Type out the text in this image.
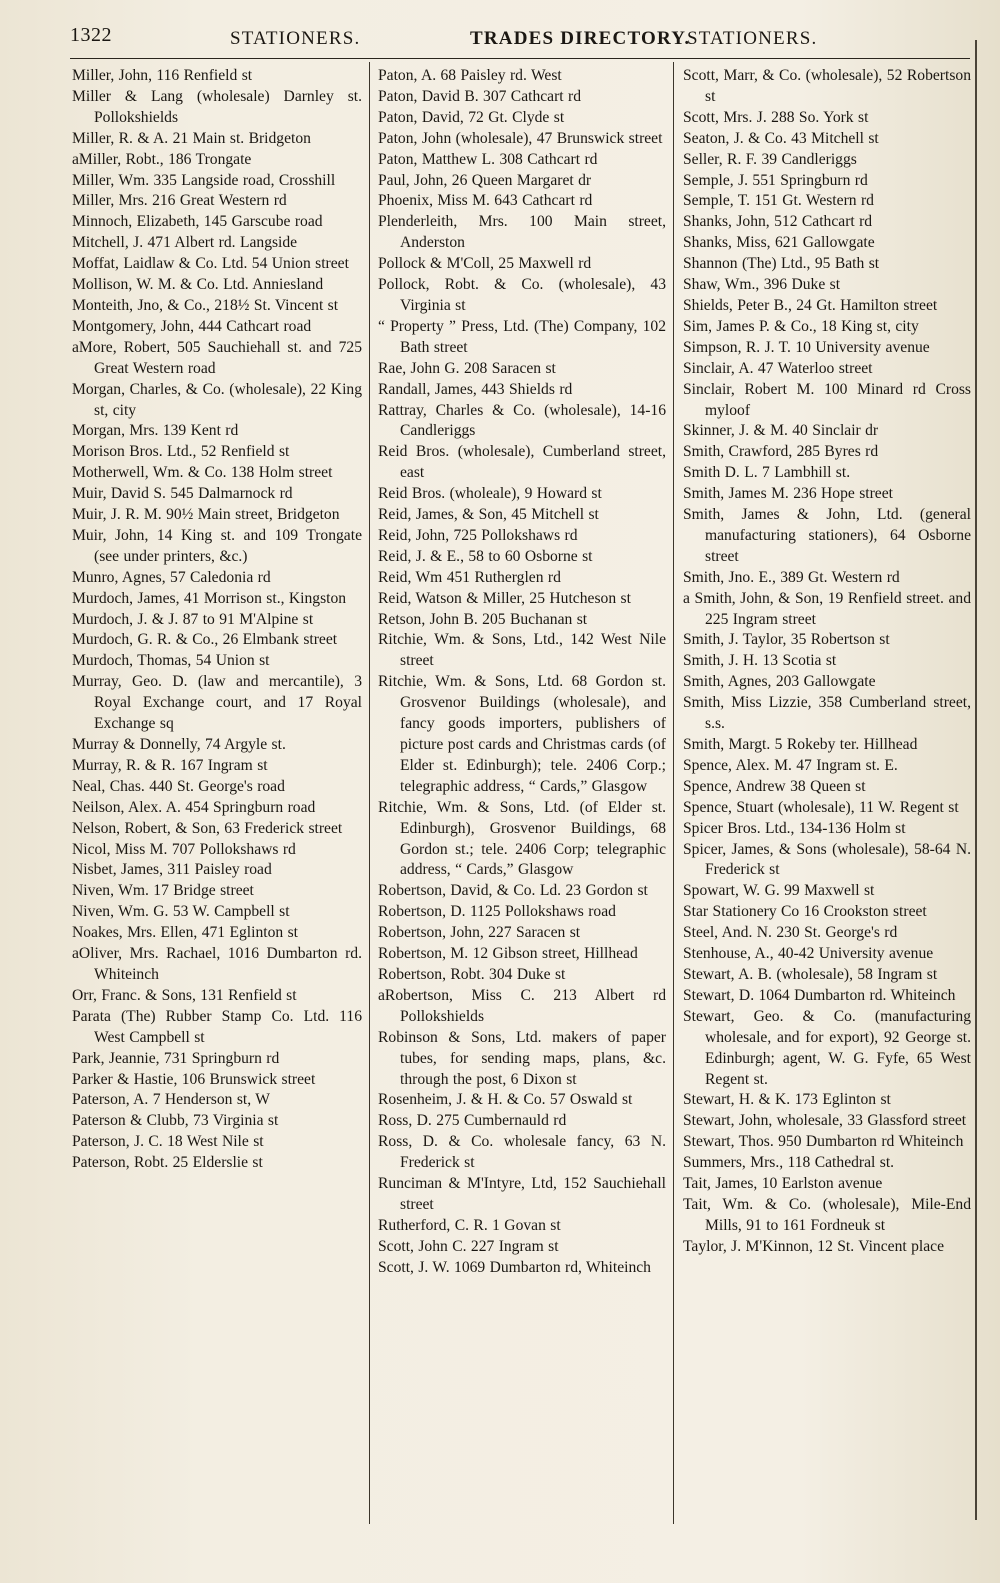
1322	STATIONERS.	TRADES DIRECTORY.
STATIONERS.
Miller, John, 116 Renfield st
Miller & Lang (wholesale) Darnley st. Pollokshields
Miller, R. & A. 21 Main st. Bridgeton
aMiller, Robt., 186 Trongate
Miller, Wm. 335 Langside road, Crosshill
Miller, Mrs. 216 Great Western rd
Minnoch, Elizabeth, 145 Garscube road
Mitchell, J. 471 Albert rd. Langside
Moffat, Laidlaw & Co. Ltd. 54 Union street
Mollison, W. M. & Co. Ltd. Anniesland
Monteith, Jno, & Co., 218½ St. Vincent st
Montgomery, John, 444 Cathcart road
aMore, Robert, 505 Sauchiehall st. and 725 Great Western road
Morgan, Charles, & Co. (wholesale), 22 King st, city
Morgan, Mrs. 139 Kent rd
Morison Bros. Ltd., 52 Renfield st
Motherwell, Wm. & Co. 138 Holm street
Muir, David S. 545 Dalmarnock rd
Muir, J. R. M. 90½ Main street, Bridgeton
Muir, John, 14 King st. and 109 Trongate (see under printers, &c.)
Munro, Agnes, 57 Caledonia rd
Murdoch, James, 41 Morrison st., Kingston
Murdoch, J. & J. 87 to 91 M'Alpine st
Murdoch, G. R. & Co., 26 Elmbank street
Murdoch, Thomas, 54 Union st
Murray, Geo. D. (law and mercantile), 3 Royal Exchange court, and 17 Royal Exchange sq
Murray & Donnelly, 74 Argyle st.
Murray, R. & R. 167 Ingram st
Neal, Chas. 440 St. George's road
Neilson, Alex. A. 454 Springburn road
Nelson, Robert, & Son, 63 Frederick street
Nicol, Miss M. 707 Pollokshaws rd
Nisbet, James, 311 Paisley road
Niven, Wm. 17 Bridge street
Niven, Wm. G. 53 W. Campbell st
Noakes, Mrs. Ellen, 471 Eglinton st
aOliver, Mrs. Rachael, 1016 Dumbarton rd. Whiteinch
Orr, Franc. & Sons, 131 Renfield st
Parata (The) Rubber Stamp Co. Ltd. 116 West Campbell st
Park, Jeannie, 731 Springburn rd
Parker & Hastie, 106 Brunswick street
Paterson, A. 7 Henderson st, W
Paterson & Clubb, 73 Virginia st
Paterson, J. C. 18 West Nile st
Paterson, Robt. 25 Elderslie st
Paton, A. 68 Paisley rd. West
Paton, David B. 307 Cathcart rd
Paton, David, 72 Gt. Clyde st
Paton, John (wholesale), 47 Brunswick street
Paton, Matthew L. 308 Cathcart rd
Paul, John, 26 Queen Margaret dr
Phoenix, Miss M. 643 Cathcart rd
Plenderleith, Mrs. 100 Main street, Anderston
Pollock & M'Coll, 25 Maxwell rd
Pollock, Robt. & Co. (wholesale), 43 Virginia st
“ Property ” Press, Ltd. (The) Company, 102 Bath street
Rae, John G. 208 Saracen st
Randall, James, 443 Shields rd
Rattray, Charles & Co. (wholesale), 14-16 Candleriggs
Reid Bros. (wholesale), Cumberland street, east
Reid Bros. (wholeale), 9 Howard st
Reid, James, & Son, 45 Mitchell st
Reid, John, 725 Pollokshaws rd
Reid, J. & E., 58 to 60 Osborne st
Reid, Wm 451 Rutherglen rd
Reid, Watson & Miller, 25 Hutcheson st
Retson, John B. 205 Buchanan st
Ritchie, Wm. & Sons, Ltd., 142 West Nile street
Ritchie, Wm. & Sons, Ltd. 68 Gordon st. Grosvenor Buildings (wholesale), and fancy goods importers, publishers of picture post cards and Christmas cards (of Elder st. Edinburgh); tele. 2406 Corp.; telegraphic address, “ Cards,” Glasgow
Ritchie, Wm. & Sons, Ltd. (of Elder st. Edinburgh), Grosvenor Buildings, 68 Gordon st.; tele. 2406 Corp; telegraphic address, “ Cards,” Glasgow
Robertson, David, & Co. Ld. 23 Gordon st
Robertson, D. 1125 Pollokshaws road
Robertson, John, 227 Saracen st
Robertson, M. 12 Gibson street, Hillhead
Robertson, Robt. 304 Duke st
aRobertson, Miss C. 213 Albert rd Pollokshields
Robinson & Sons, Ltd. makers of paper tubes, for sending maps, plans, &c. through the post, 6 Dixon st
Rosenheim, J. & H. & Co. 57 Oswald st
Ross, D. 275 Cumbernauld rd
Ross, D. & Co. wholesale fancy, 63 N. Frederick st
Runciman & M'Intyre, Ltd, 152 Sauchiehall street
Rutherford, C. R. 1 Govan st
Scott, John C. 227 Ingram st
Scott, J. W. 1069 Dumbarton rd, Whiteinch
Scott, Marr, & Co. (wholesale), 52 Robertson st
Scott, Mrs. J. 288 So. York st
Seaton, J. & Co. 43 Mitchell st
Seller, R. F. 39 Candleriggs
Semple, J. 551 Springburn rd
Semple, T. 151 Gt. Western rd
Shanks, John, 512 Cathcart rd
Shanks, Miss, 621 Gallowgate
Shannon (The) Ltd., 95 Bath st
Shaw, Wm., 396 Duke st
Shields, Peter B., 24 Gt. Hamilton street
Sim, James P. & Co., 18 King st, city
Simpson, R. J. T. 10 University avenue
Sinclair, A. 47 Waterloo street
Sinclair, Robert M. 100 Minard rd Cross myloof
Skinner, J. & M. 40 Sinclair dr
Smith, Crawford, 285 Byres rd
Smith D. L. 7 Lambhill st.
Smith, James M. 236 Hope street
Smith, James & John, Ltd. (general manufacturing stationers), 64 Osborne street
Smith, Jno. E., 389 Gt. Western rd
a Smith, John, & Son, 19 Renfield street. and 225 Ingram street
Smith, J. Taylor, 35 Robertson st
Smith, J. H. 13 Scotia st
Smith, Agnes, 203 Gallowgate
Smith, Miss Lizzie, 358 Cumberland street, s.s.
Smith, Margt. 5 Rokeby ter. Hillhead
Spence, Alex. M. 47 Ingram st. E.
Spence, Andrew 38 Queen st
Spence, Stuart (wholesale), 11 W. Regent st
Spicer Bros. Ltd., 134-136 Holm st
Spicer, James, & Sons (wholesale), 58-64 N. Frederick st
Spowart, W. G. 99 Maxwell st
Star Stationery Co 16 Crookston street
Steel, And. N. 230 St. George's rd
Stenhouse, A., 40-42 University avenue
Stewart, A. B. (wholesale), 58 Ingram st
Stewart, D. 1064 Dumbarton rd. Whiteinch
Stewart, Geo. & Co. (manufacturing wholesale, and for export), 92 George st. Edinburgh; agent, W. G. Fyfe, 65 West Regent st.
Stewart, H. & K. 173 Eglinton st
Stewart, John, wholesale, 33 Glassford street
Stewart, Thos. 950 Dumbarton rd Whiteinch
Summers, Mrs., 118 Cathedral st.
Tait, James, 10 Earlston avenue
Tait, Wm. & Co. (wholesale), Mile-End Mills, 91 to 161 Fordneuk st
Taylor, J. M'Kinnon, 12 St. Vincent place
